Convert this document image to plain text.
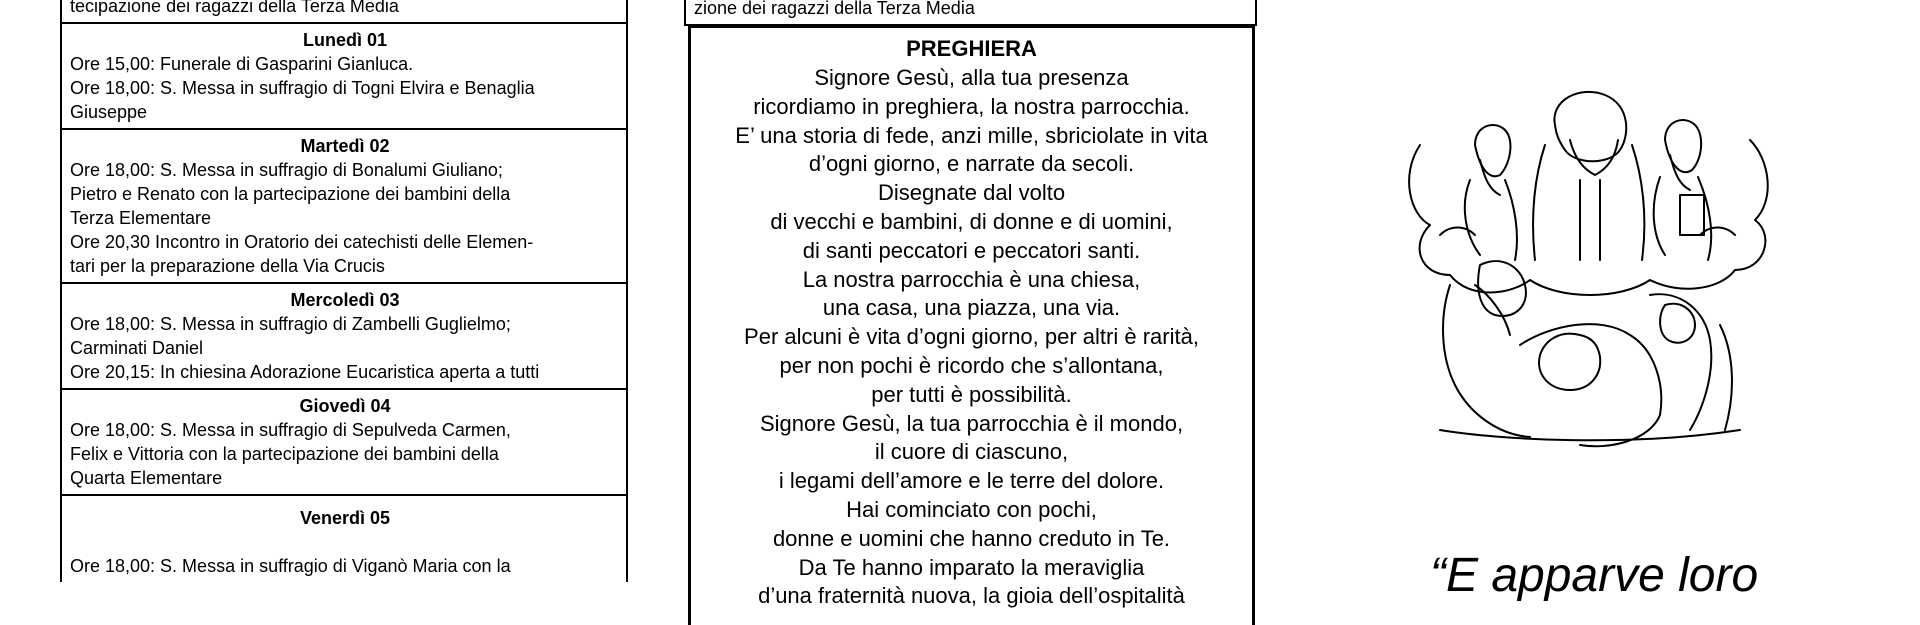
tecipazione dei ragazzi della Terza Media
Lunedì 01
Ore 15,00: Funerale di Gasparini Gianluca.
Ore 18,00: S. Messa in suffragio di Togni Elvira e Benaglia
Giuseppe
Martedì 02
Ore 18,00: S. Messa in suffragio di Bonalumi Giuliano;
Pietro e Renato con la partecipazione dei bambini della
Terza Elementare
Ore 20,30 Incontro in Oratorio dei catechisti delle Elemen-
tari per la preparazione della Via Crucis
Mercoledì 03
Ore 18,00: S. Messa in suffragio di Zambelli Guglielmo;
Carminati Daniel
Ore 20,15: In chiesina Adorazione Eucaristica aperta a tutti
Giovedì 04
Ore 18,00: S. Messa in suffragio di Sepulveda Carmen,
Felix e Vittoria con la partecipazione dei bambini della
Quarta Elementare
Venerdì 05
Ore 18,00: S. Messa in suffragio di Viganò Maria con la
zione dei ragazzi della Terza Media
PREGHIERA
Signore Gesù, alla tua presenza
ricordiamo in preghiera, la nostra parrocchia.
E’ una storia di fede, anzi mille, sbriciolate in vita
d’ogni giorno, e narrate da secoli.
Disegnate dal volto
di vecchi e bambini, di donne e di uomini,
di santi peccatori e peccatori santi.
La nostra parrocchia è una chiesa,
una casa, una piazza, una via.
Per alcuni è vita d’ogni giorno, per altri è rarità,
per non pochi è ricordo che s’allontana,
per tutti è possibilità.
Signore Gesù, la tua parrocchia è il mondo,
il cuore di ciascuno,
i legami dell’amore e le terre del dolore.
Hai cominciato con pochi,
donne e uomini che hanno creduto in Te.
Da Te hanno imparato la meraviglia
d’una fraternità nuova, la gioia dell’ospitalità	“E apparve loro
